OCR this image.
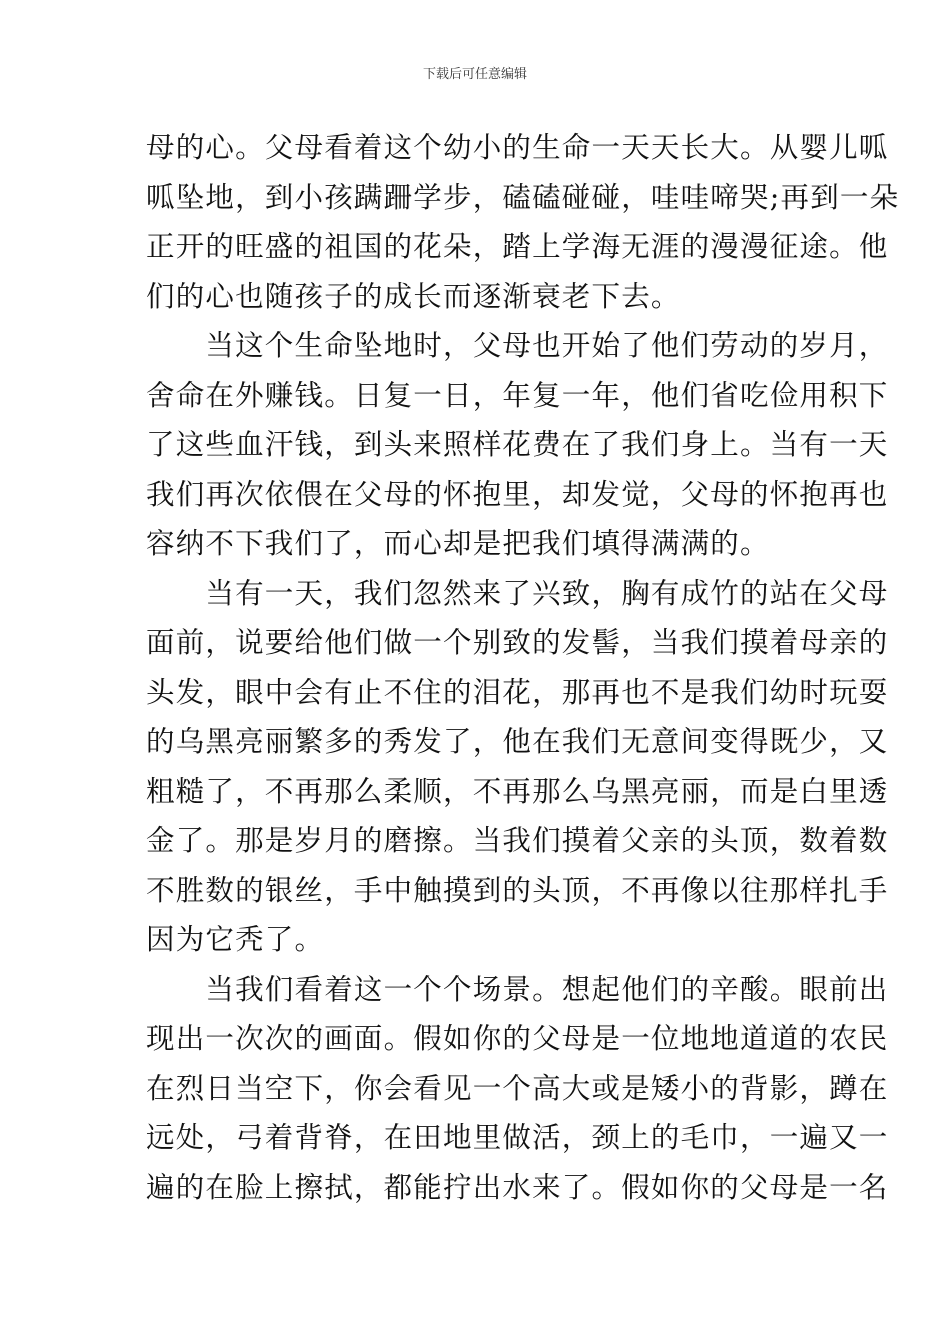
下载后可任意编辑
母的心。父母看着这个幼小的生命一天天长大。从婴儿呱
呱坠地，到小孩蹒跚学步，磕磕碰碰，哇哇啼哭;再到一朵
正开的旺盛的祖国的花朵，踏上学海无涯的漫漫征途。他
们的心也随孩子的成长而逐渐衰老下去。
　　当这个生命坠地时，父母也开始了他们劳动的岁月，
舍命在外赚钱。日复一日，年复一年，他们省吃俭用积下
了这些血汗钱，到头来照样花费在了我们身上。当有一天
我们再次依偎在父母的怀抱里，却发觉，父母的怀抱再也
容纳不下我们了，而心却是把我们填得满满的。
　　当有一天，我们忽然来了兴致，胸有成竹的站在父母
面前，说要给他们做一个别致的发髻，当我们摸着母亲的
头发，眼中会有止不住的泪花，那再也不是我们幼时玩耍
的乌黑亮丽繁多的秀发了，他在我们无意间变得既少，又
粗糙了，不再那么柔顺，不再那么乌黑亮丽，而是白里透
金了。那是岁月的磨擦。当我们摸着父亲的头顶，数着数
不胜数的银丝，手中触摸到的头顶，不再像以往那样扎手
因为它秃了。
　　当我们看着这一个个场景。想起他们的辛酸。眼前出
现出一次次的画面。假如你的父母是一位地地道道的农民
在烈日当空下，你会看见一个高大或是矮小的背影，蹲在
远处，弓着背脊，在田地里做活，颈上的毛巾，一遍又一
遍的在脸上擦拭，都能拧出水来了。假如你的父母是一名
